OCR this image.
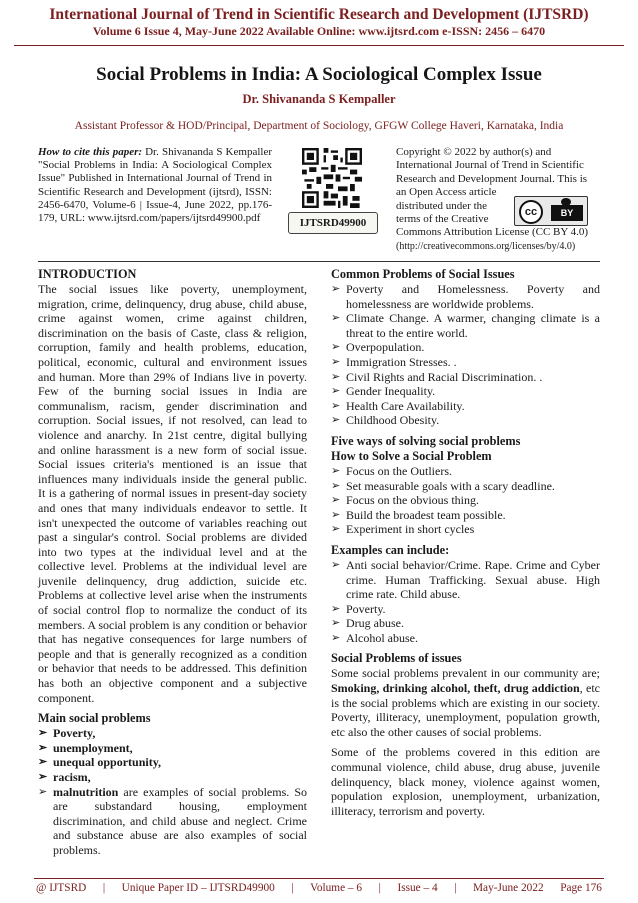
International Journal of Trend in Scientific Research and Development (IJTSRD)
Volume 6 Issue 4, May-June 2022 Available Online: www.ijtsrd.com e-ISSN: 2456 – 6470
Social Problems in India: A Sociological Complex Issue
Dr. Shivananda S Kempaller
Assistant Professor & HOD/Principal, Department of Sociology, GFGW College Haveri, Karnataka, India
How to cite this paper: Dr. Shivananda S Kempaller "Social Problems in India: A Sociological Complex Issue" Published in International Journal of Trend in Scientific Research and Development (ijtsrd), ISSN: 2456-6470, Volume-6 | Issue-4, June 2022, pp.176-179, URL: www.ijtsrd.com/papers/ijtsrd49900.pdf	IJTSRD49900
Copyright © 2022 by author(s) and
International Journal of Trend in Scientific
Research and Development Journal. This is
an Open Access article
distributed under the
terms of the Creative
Commons Attribution License (CC BY 4.0)
(http://creativecommons.org/licenses/by/4.0)
cc	BY
INTRODUCTION

The social issues like poverty, unemployment, migration, crime, delinquency, drug abuse, child abuse, crime against women, crime against children, discrimination on the basis of Caste, class & religion, corruption, family and health problems, education, political, economic, cultural and environment issues and human. More than 29% of Indians live in poverty. Few of the burning social issues in India are communalism, racism, gender discrimination and corruption. Social issues, if not resolved, can lead to violence and anarchy. In 21st centre, digital bullying and online harassment is a new form of social issue. Social issues criteria's mentioned is an issue that influences many individuals inside the general public. It is a gathering of normal issues in present-day society and ones that many individuals endeavor to settle. It isn't unexpected the outcome of variables reaching out past a singular's control. Social problems are divided into two types at the individual level and at the collective level. Problems at the individual level are juvenile delinquency, drug addiction, suicide etc. Problems at collective level arise when the instruments of social control flop to normalize the conduct of its members. A social problem is any condition or behavior that has negative consequences for large numbers of people and that is generally recognized as a condition or behavior that needs to be addressed. This definition has both an objective component and a subjective component.

Main social problems
➢ Poverty,
➢ unemployment,
➢ unequal opportunity,
➢ racism,
➢ malnutrition are examples of social problems. So are substandard housing, employment discrimination, and child abuse and neglect. Crime and substance abuse are also examples of social problems.
Common Problems of Social Issues
➢ Poverty and Homelessness. Poverty and homelessness are worldwide problems.
➢ Climate Change. A warmer, changing climate is a threat to the entire world.
➢ Overpopulation.
➢ Immigration Stresses. .
➢ Civil Rights and Racial Discrimination. .
➢ Gender Inequality.
➢ Health Care Availability.
➢ Childhood Obesity.
Five ways of solving social problems
How to Solve a Social Problem
➢ Focus on the Outliers.
➢ Set measurable goals with a scary deadline.
➢ Focus on the obvious thing.
➢ Build the broadest team possible.
➢ Experiment in short cycles
Examples can include:
➢ Anti social behavior/Crime. Rape. Crime and Cyber crime. Human Trafficking. Sexual abuse. High crime rate. Child abuse.
➢ Poverty.
➢ Drug abuse.
➢ Alcohol abuse.
Social Problems of issues

Some social problems prevalent in our community are; Smoking, drinking alcohol, theft, drug addiction, etc is the social problems which are existing in our society. Poverty, illiteracy, unemployment, population growth, etc also the other causes of social problems.

Some of the problems covered in this edition are communal violence, child abuse, drug abuse, juvenile delinquency, black money, violence against women, population explosion, unemployment, urbanization, illiteracy, terrorism and poverty.

@ IJTSRD | Unique Paper ID – IJTSRD49900 | Volume – 6 | Issue – 4 | May-June 2022 Page 176
